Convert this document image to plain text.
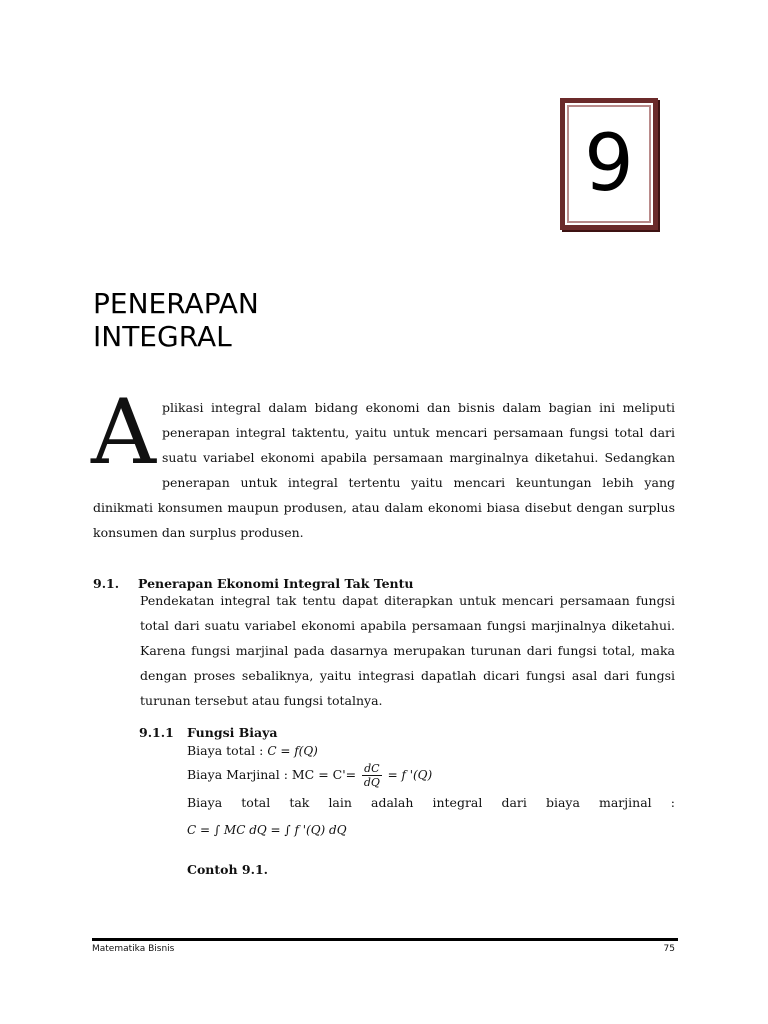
9
PENERAPAN
INTEGRAL

Aplikasi integral dalam bidang ekonomi dan bisnis dalam bagian ini meliputi penerapan integral taktentu, yaitu untuk mencari persamaan fungsi total dari suatu variabel ekonomi apabila persamaan marginalnya diketahui. Sedangkan penerapan untuk integral tertentu yaitu mencari keuntungan lebih yang dinikmati konsumen maupun produsen, atau dalam ekonomi biasa disebut dengan surplus konsumen dan surplus produsen.

9.1. Penerapan Ekonomi Integral Tak Tentu

Pendekatan integral tak tentu dapat diterapkan untuk mencari persamaan fungsi total dari suatu variabel ekonomi apabila persamaan fungsi marjinalnya diketahui. Karena fungsi marjinal pada dasarnya merupakan turunan dari fungsi total, maka dengan proses sebaliknya, yaitu integrasi dapatlah dicari fungsi asal dari fungsi turunan tersebut atau fungsi totalnya.

9.1.1 Fungsi Biaya
Biaya total : C = f(Q)
Biaya Marjinal : MC = $C'= \frac{dC}{dQ} = f$ '(Q)
Biaya total tak lain adalah integral dari biaya marjinal :
C = ∫ MC dQ = ∫ f '(Q) dQ
Contoh 9.1.
Matematika Bisnis	75
